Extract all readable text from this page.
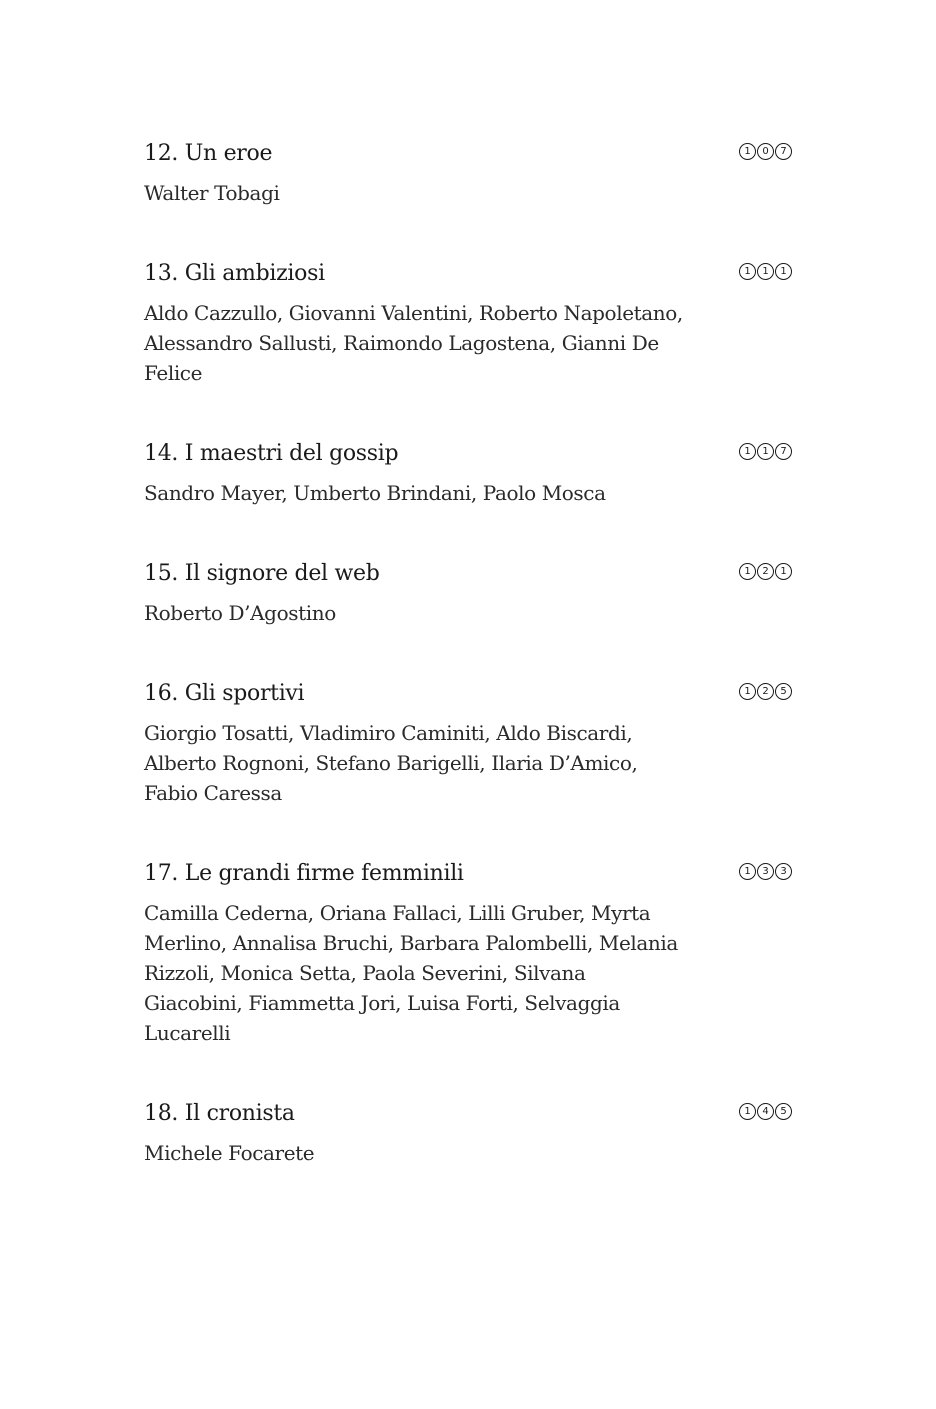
12. Un eroe	1	0	7
Walter Tobagi
13. Gli ambiziosi	1	1	1
Aldo Cazzullo, Giovanni Valentini, Roberto Napoletano, Alessandro Sallusti, Raimondo Lagostena, Gianni De Felice
14. I maestri del gossip	1	1	7
Sandro Mayer, Umberto Brindani, Paolo Mosca
15. Il signore del web	1	2	1
Roberto D’Agostino
16. Gli sportivi	1	2	5
Giorgio Tosatti, Vladimiro Caminiti, Aldo Biscardi, Alberto Rognoni, Stefano Barigelli, Ilaria D’Amico, Fabio Caressa
17. Le grandi firme femminili	1	3	3
Camilla Cederna, Oriana Fallaci, Lilli Gruber, Myrta Merlino, Annalisa Bruchi, Barbara Palombelli, Melania Rizzoli, Monica Setta, Paola Severini, Silvana Giacobini, Fiammetta Jori, Luisa Forti, Selvaggia Lucarelli
18. Il cronista	1	4	5
Michele Focarete
